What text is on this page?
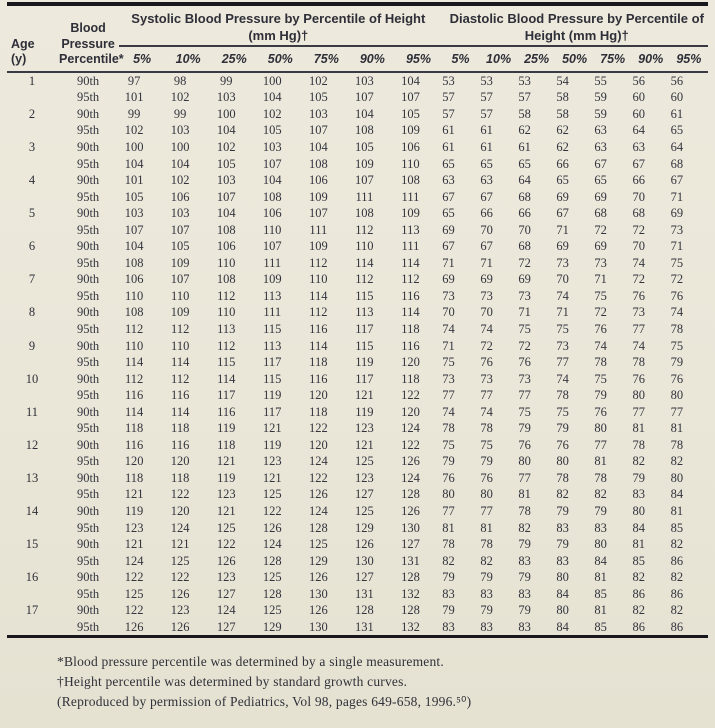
Age
(y)	Blood Pressure Percentile*	Systolic Blood Pressure by Percentile of Height (mm Hg)†							Diastolic Blood Pressure by Percentile of Height (mm Hg)†						
		5%	10%	25%	50%	75%	90%	95%	5%	10%	25%	50%	75%	90%	95%
1	90th	97	98	99	100	102	103	104	53	53	53	54	55	56	56
	95th	101	102	103	104	105	107	107	57	57	57	58	59	60	60
2	90th	99	99	100	102	103	104	105	57	57	58	58	59	60	61
	95th	102	103	104	105	107	108	109	61	61	62	62	63	64	65
3	90th	100	100	102	103	104	105	106	61	61	61	62	63	63	64
	95th	104	104	105	107	108	109	110	65	65	65	66	67	67	68
4	90th	101	102	103	104	106	107	108	63	63	64	65	65	66	67
	95th	105	106	107	108	109	111	111	67	67	68	69	69	70	71
5	90th	103	103	104	106	107	108	109	65	66	66	67	68	68	69
	95th	107	107	108	110	111	112	113	69	70	70	71	72	72	73
6	90th	104	105	106	107	109	110	111	67	67	68	69	69	70	71
	95th	108	109	110	111	112	114	114	71	71	72	73	73	74	75
7	90th	106	107	108	109	110	112	112	69	69	69	70	71	72	72
	95th	110	110	112	113	114	115	116	73	73	73	74	75	76	76
8	90th	108	109	110	111	112	113	114	70	70	71	71	72	73	74
	95th	112	112	113	115	116	117	118	74	74	75	75	76	77	78
9	90th	110	110	112	113	114	115	116	71	72	72	73	74	74	75
	95th	114	114	115	117	118	119	120	75	76	76	77	78	78	79
10	90th	112	112	114	115	116	117	118	73	73	73	74	75	76	76
	95th	116	116	117	119	120	121	122	77	77	77	78	79	80	80
11	90th	114	114	116	117	118	119	120	74	74	75	75	76	77	77
	95th	118	118	119	121	122	123	124	78	78	79	79	80	81	81
12	90th	116	116	118	119	120	121	122	75	75	76	76	77	78	78
	95th	120	120	121	123	124	125	126	79	79	80	80	81	82	82
13	90th	118	118	119	121	122	123	124	76	76	77	78	78	79	80
	95th	121	122	123	125	126	127	128	80	80	81	82	82	83	84
14	90th	119	120	121	122	124	125	126	77	77	78	79	79	80	81
	95th	123	124	125	126	128	129	130	81	81	82	83	83	84	85
15	90th	121	121	122	124	125	126	127	78	78	79	79	80	81	82
	95th	124	125	126	128	129	130	131	82	82	83	83	84	85	86
16	90th	122	122	123	125	126	127	128	79	79	79	80	81	82	82
	95th	125	126	127	128	130	131	132	83	83	83	84	85	86	86
17	90th	122	123	124	125	126	128	128	79	79	79	80	81	82	82
	95th	126	126	127	129	130	131	132	83	83	83	84	85	86	86
*Blood pressure percentile was determined by a single measurement.
†Height percentile was determined by standard growth curves.
(Reproduced by permission of Pediatrics, Vol 98, pages 649-658, 1996.⁵⁰)
